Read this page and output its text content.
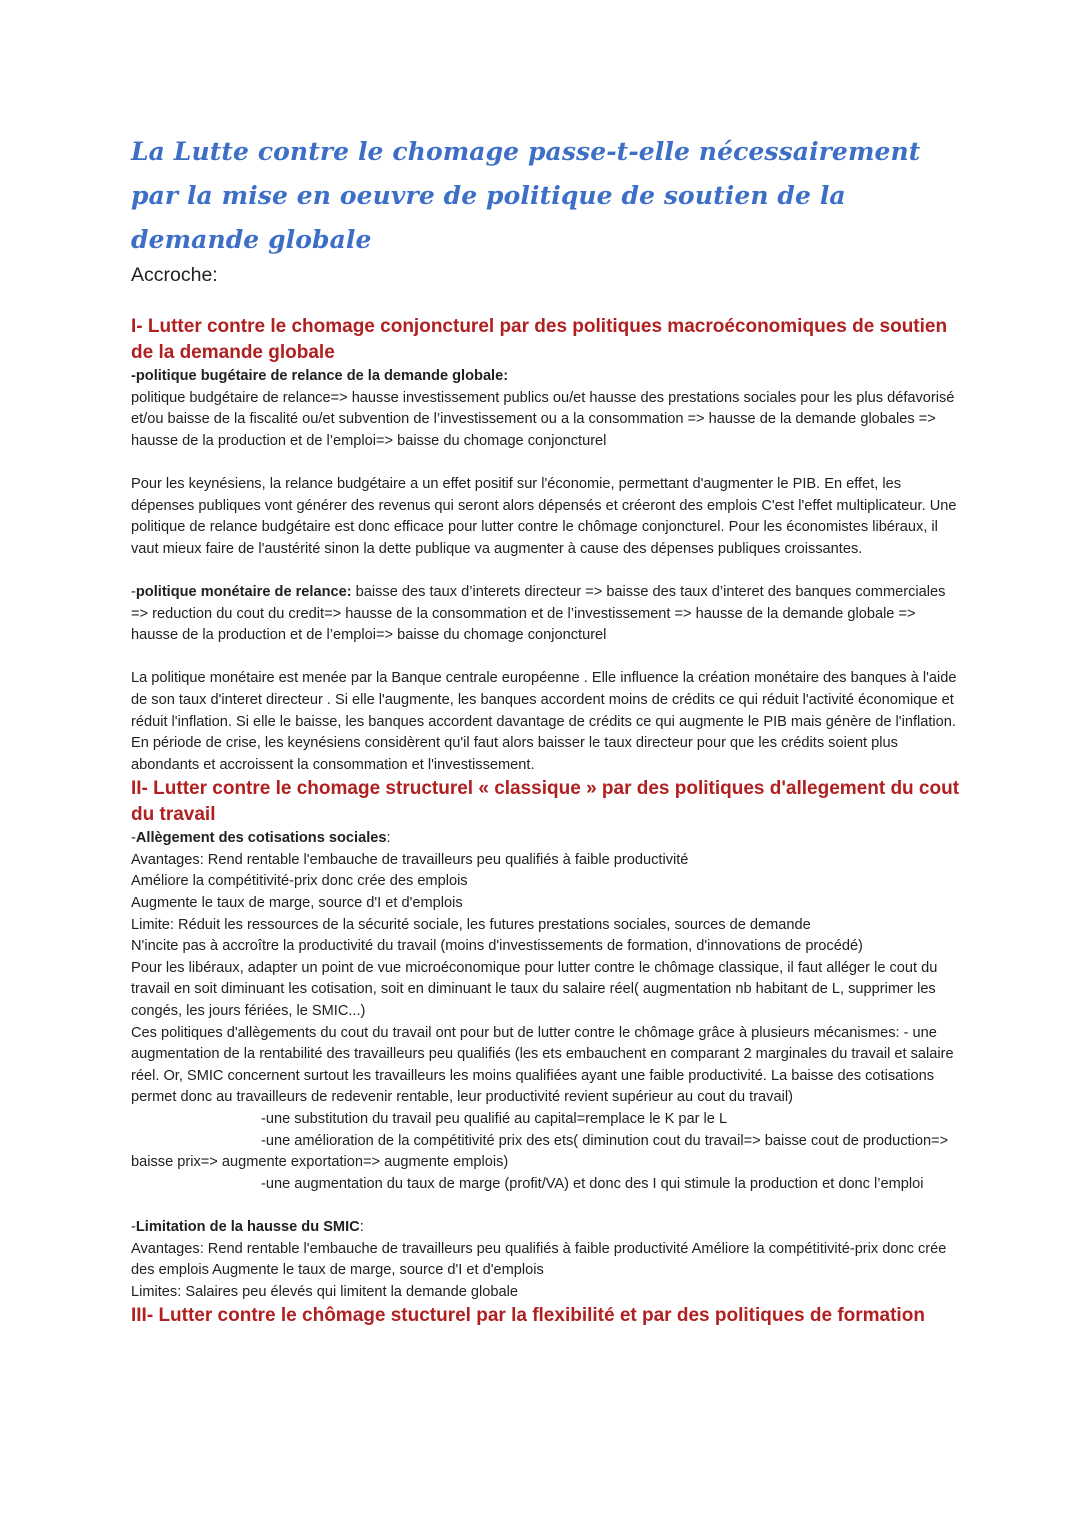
La Lutte contre le chomage passe-t-elle nécessairement par la mise en oeuvre de politique de soutien de la demande globale

Accroche:

I- Lutter contre le chomage conjoncturel par des politiques macroéconomiques de soutien de la demande globale

-politique bugétaire de relance de la demande globale:

politique budgétaire de relance=> hausse investissement publics ou/et hausse des prestations sociales pour les plus défavorisé et/ou baisse de la fiscalité ou/et subvention de l’investissement ou a la consommation => hausse de la demande globales => hausse de la production et de l’emploi=> baisse du chomage conjoncturel

Pour les keynésiens, la relance budgétaire a un effet positif sur l'économie, permettant d'augmenter le PIB. En effet, les dépenses publiques vont générer des revenus qui seront alors dépensés et créeront des emplois C'est l'effet multiplicateur. Une politique de relance budgétaire est donc efficace pour lutter contre le chômage conjoncturel. Pour les économistes libéraux, il vaut mieux faire de l'austérité sinon la dette publique va augmenter à cause des dépenses publiques croissantes.

-politique monétaire de relance: baisse des taux d’interets directeur => baisse des taux d’interet des banques commerciales => reduction du cout du credit=> hausse de la consommation et de l’investissement => hausse de la demande globale => hausse de la production et de l’emploi=> baisse du chomage conjoncturel

La politique monétaire est menée par la Banque centrale européenne . Elle influence la création monétaire des banques à l'aide de son taux d'interet directeur . Si elle l'augmente, les banques accordent moins de crédits ce qui réduit l'activité économique et réduit l'inflation. Si elle le baisse, les banques accordent davantage de crédits ce qui augmente le PIB mais génère de l'inflation. En période de crise, les keynésiens considèrent qu'il faut alors baisser le taux directeur pour que les crédits soient plus abondants et accroissent la consommation et l'investissement.

II- Lutter contre le chomage structurel « classique » par des politiques d'allegement du cout du travail

-Allègement des cotisations sociales:

Avantages: Rend rentable l'embauche de travailleurs peu qualifiés à faible productivité

Améliore la compétitivité-prix donc crée des emplois

Augmente le taux de marge, source d'I et d'emplois

Limite: Réduit les ressources de la sécurité sociale, les futures prestations sociales, sources de demande

N'incite pas à accroître la productivité du travail (moins d'investissements de formation, d'innovations de procédé)

Pour les libéraux, adapter un point de vue microéconomique pour lutter contre le chômage classique, il faut alléger le cout du travail en soit diminuant les cotisation, soit en diminuant le taux du salaire réel( augmentation nb habitant de L, supprimer les congés, les jours fériées, le SMIC...)

Ces politiques d'allègements du cout du travail ont pour but de lutter contre le chômage grâce à plusieurs mécanismes: - une augmentation de la rentabilité des travailleurs peu qualifiés (les ets embauchent en comparant 2 marginales du travail et salaire réel. Or, SMIC concernent surtout les travailleurs les moins qualifiées ayant une faible productivité. La baisse des cotisations permet donc au travailleurs de redevenir rentable, leur productivité revient supérieur au cout du travail)

-une substitution du travail peu qualifié au capital=remplace le K par le L

-une amélioration de la compétitivité prix des ets( diminution cout du travail=> baisse cout de production=> baisse prix=> augmente exportation=> augmente emplois)

-une augmentation du taux de marge (profit/VA) et donc des I qui stimule la production et donc l’emploi

-Limitation de la hausse du SMIC:

Avantages: Rend rentable l'embauche de travailleurs peu qualifiés à faible productivité Améliore la compétitivité-prix donc crée des emplois Augmente le taux de marge, source d'I et d'emplois

Limites: Salaires peu élevés qui limitent la demande globale

III- Lutter contre le chômage stucturel par la flexibilité et par des politiques de formation
